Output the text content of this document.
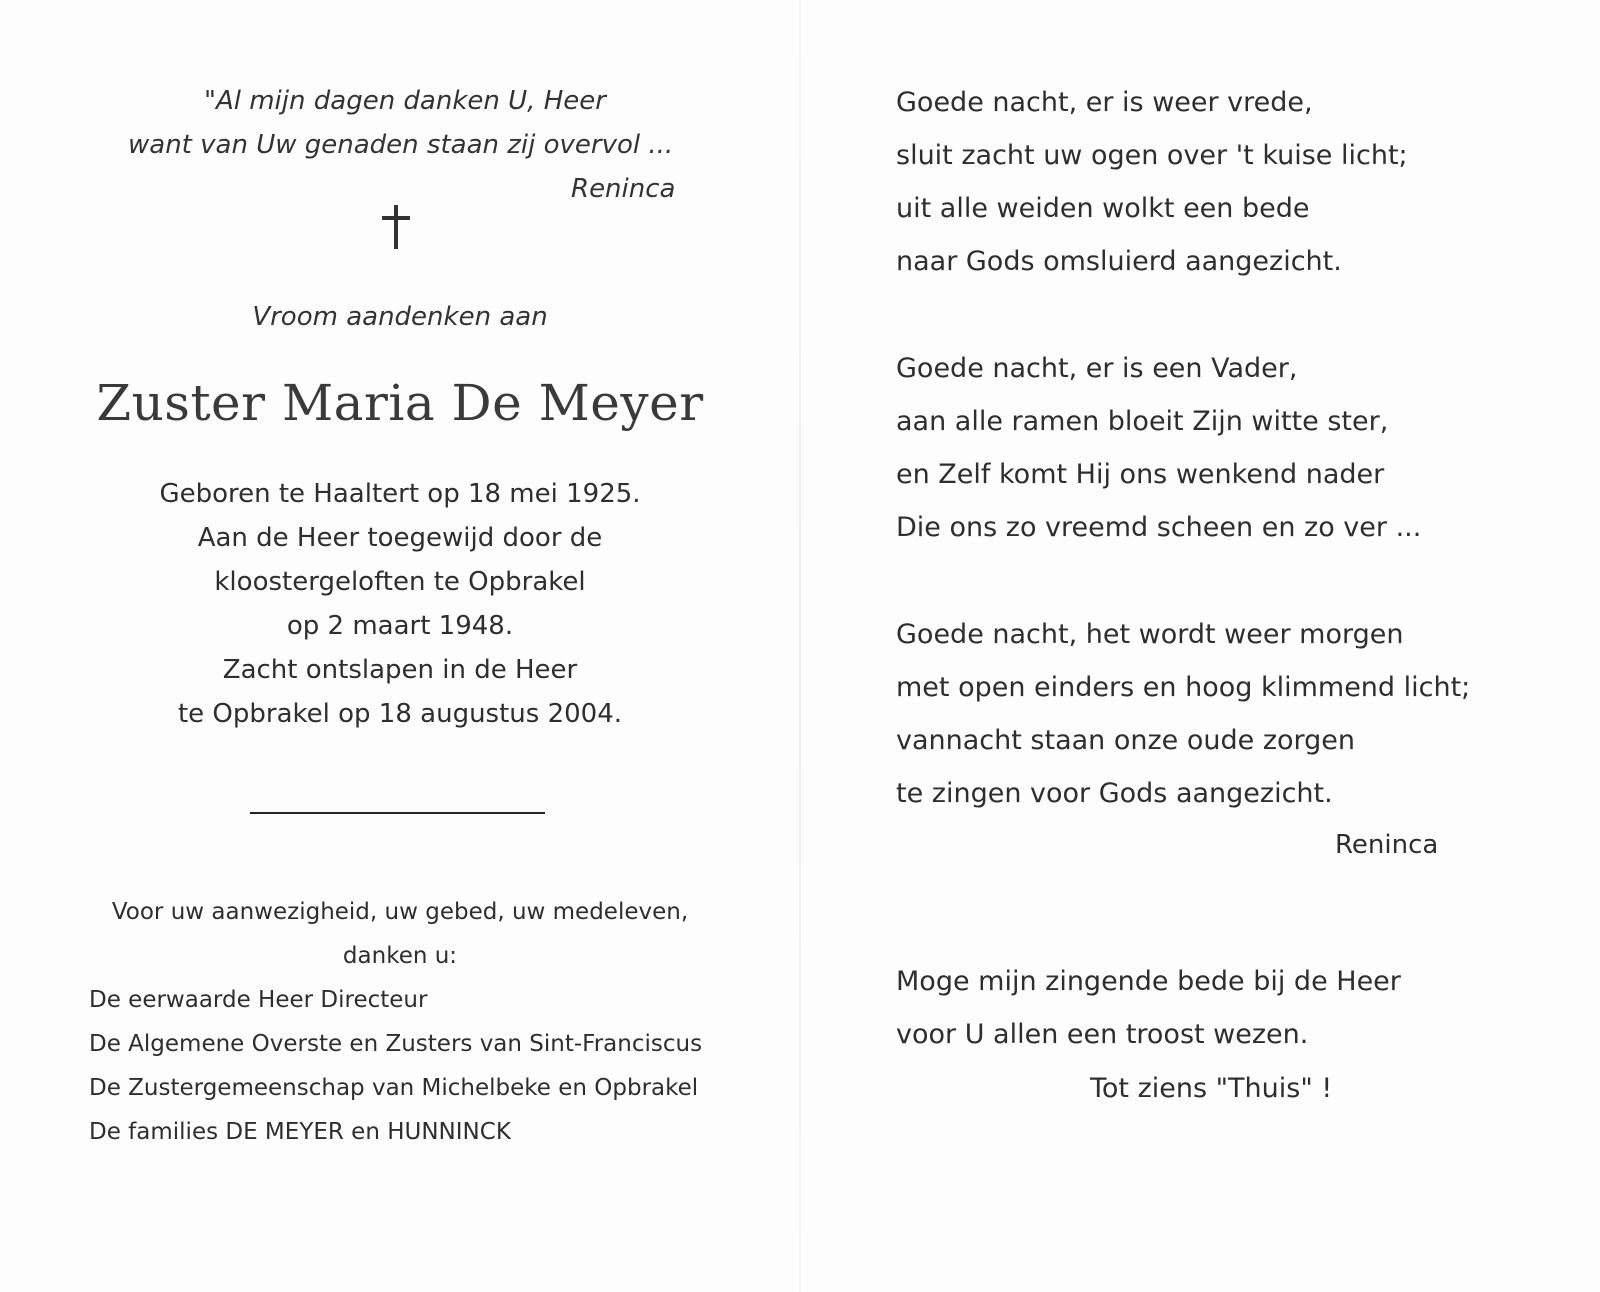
"Al mijn dagen danken U, Heer
want van Uw genaden staan zij overvol ...
Reninca
Vroom aandenken aan
Zuster Maria De Meyer
Geboren te Haaltert op 18 mei 1925.
Aan de Heer toegewijd door de
kloostergeloften te Opbrakel
op 2 maart 1948.
Zacht ontslapen in de Heer
te Opbrakel op 18 augustus 2004.
Voor uw aanwezigheid, uw gebed, uw medeleven,
danken u:
De eerwaarde Heer Directeur
De Algemene Overste en Zusters van Sint-Franciscus
De Zustergemeenschap van Michelbeke en Opbrakel
De families DE MEYER en HUNNINCK
Goede nacht, er is weer vrede,
sluit zacht uw ogen over 't kuise licht;
uit alle weiden wolkt een bede
naar Gods omsluierd aangezicht.
Goede nacht, er is een Vader,
aan alle ramen bloeit Zijn witte ster,
en Zelf komt Hij ons wenkend nader
Die ons zo vreemd scheen en zo ver ...
Goede nacht, het wordt weer morgen
met open einders en hoog klimmend licht;
vannacht staan onze oude zorgen
te zingen voor Gods aangezicht.
Reninca
Moge mijn zingende bede bij de Heer
voor U allen een troost wezen.
Tot ziens "Thuis" !
